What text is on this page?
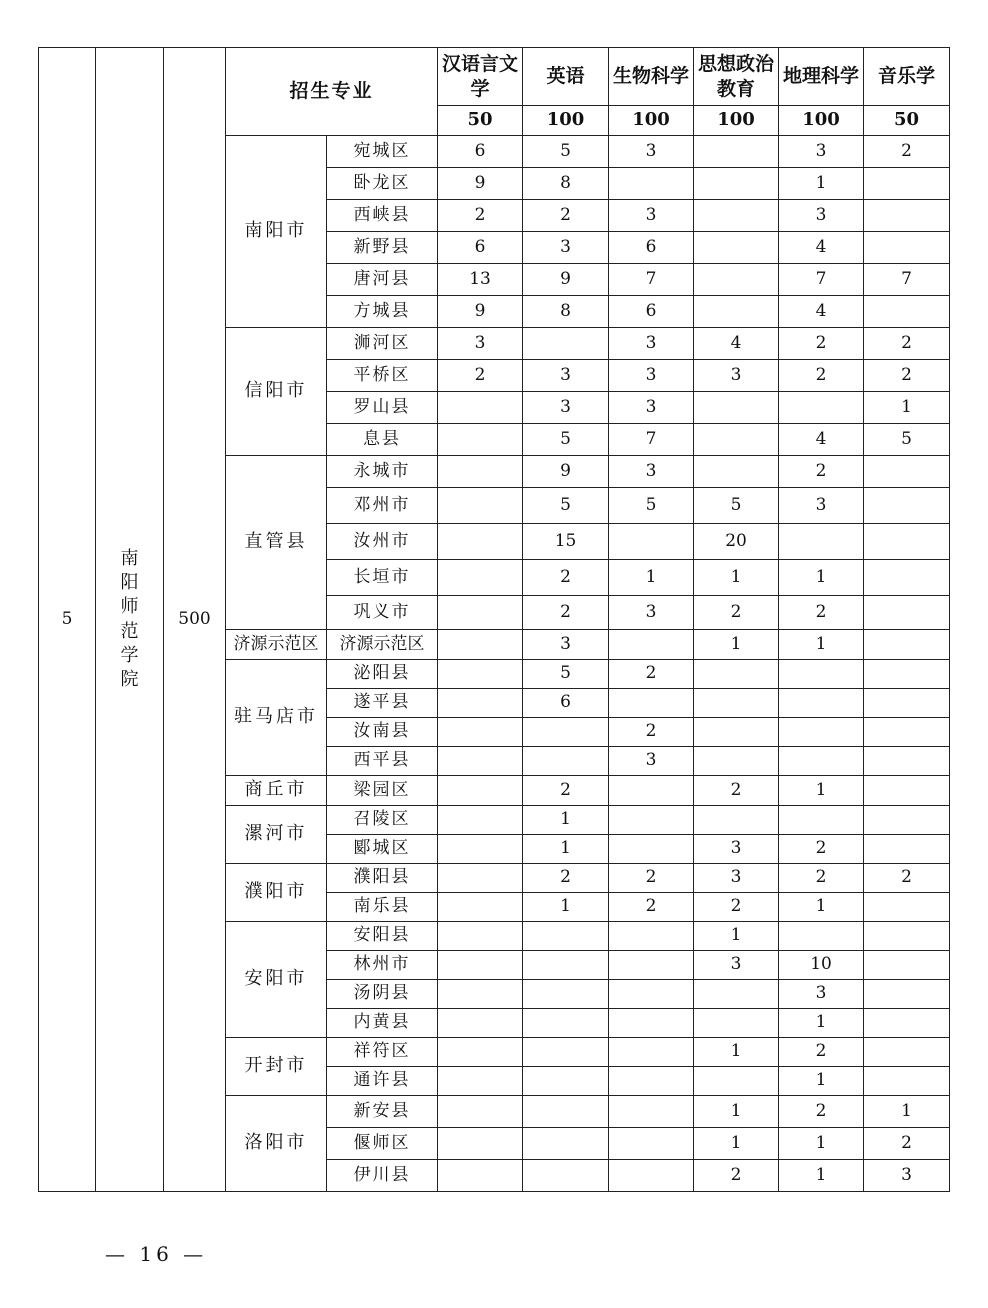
5	南阳师范学院	500	招生专业		汉语言文学	英语	生物科学	思想政治教育	地理科学	音乐学
					50	100	100	100	100	50
			南阳市	宛城区	6	5	3		3	2
				卧龙区	9	8			1	
				西峡县	2	2	3		3	
				新野县	6	3	6		4	
				唐河县	13	9	7		7	7
				方城县	9	8	6		4	
			信阳市	浉河区	3		3	4	2	2
				平桥区	2	3	3	3	2	2
				罗山县		3	3			1
				息县		5	7		4	5
			直管县	永城市		9	3		2	
				邓州市		5	5	5	3	
				汝州市		15		20		
				长垣市		2	1	1	1	
				巩义市		2	3	2	2	
			济源示范区	济源示范区		3		1	1	
			驻马店市	泌阳县		5	2			
				遂平县		6				
				汝南县			2			
				西平县			3			
			商丘市	梁园区		2		2	1	
			漯河市	召陵区		1				
				郾城区		1		3	2	
			濮阳市	濮阳县		2	2	3	2	2
				南乐县		1	2	2	1	
			安阳市	安阳县				1		
				林州市				3	10	
				汤阴县					3	
				内黄县					1	
			开封市	祥符区				1	2	
				通许县					1	
			洛阳市	新安县				1	2	1
				偃师区				1	1	2
				伊川县				2	1	3
— 16 —
